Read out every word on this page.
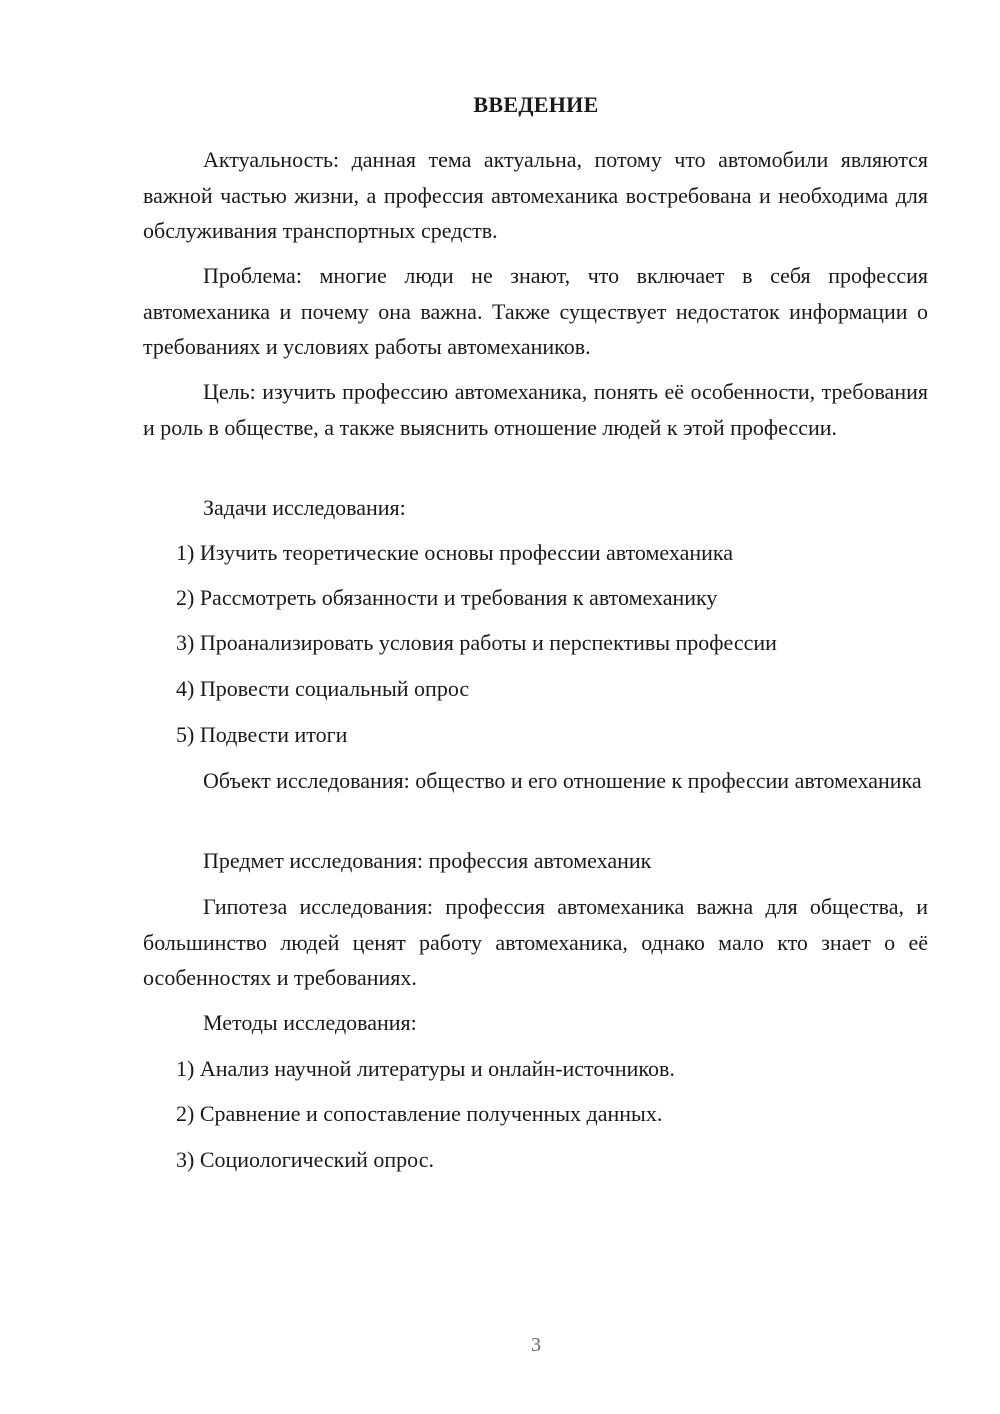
ВВЕДЕНИЕ
Актуальность: данная тема актуальна, потому что автомобили являются важной частью жизни, а профессия автомеханика востребована и необходима для обслуживания транспортных средств.
Проблема: многие люди не знают, что включает в себя профессия автомеханика и почему она важна. Также существует недостаток информации о требованиях и условиях работы автомехаников.
Цель: изучить профессию автомеханика, понять её особенности, требования и роль в обществе, а также выяснить отношение людей к этой профессии.
Задачи исследования:
1) Изучить теоретические основы профессии автомеханика
2) Рассмотреть обязанности и требования к автомеханику
3) Проанализировать условия работы и перспективы профессии
4) Провести социальный опрос
5) Подвести итоги
Объект исследования: общество и его отношение к профессии автомеханика
Предмет исследования: профессия автомеханик
Гипотеза исследования: профессия автомеханика важна для общества, и большинство людей ценят работу автомеханика, однако мало кто знает о её особенностях и требованиях.
Методы исследования:
1) Анализ научной литературы и онлайн-источников.
2) Сравнение и сопоставление полученных данных.
3) Социологический опрос.
3
